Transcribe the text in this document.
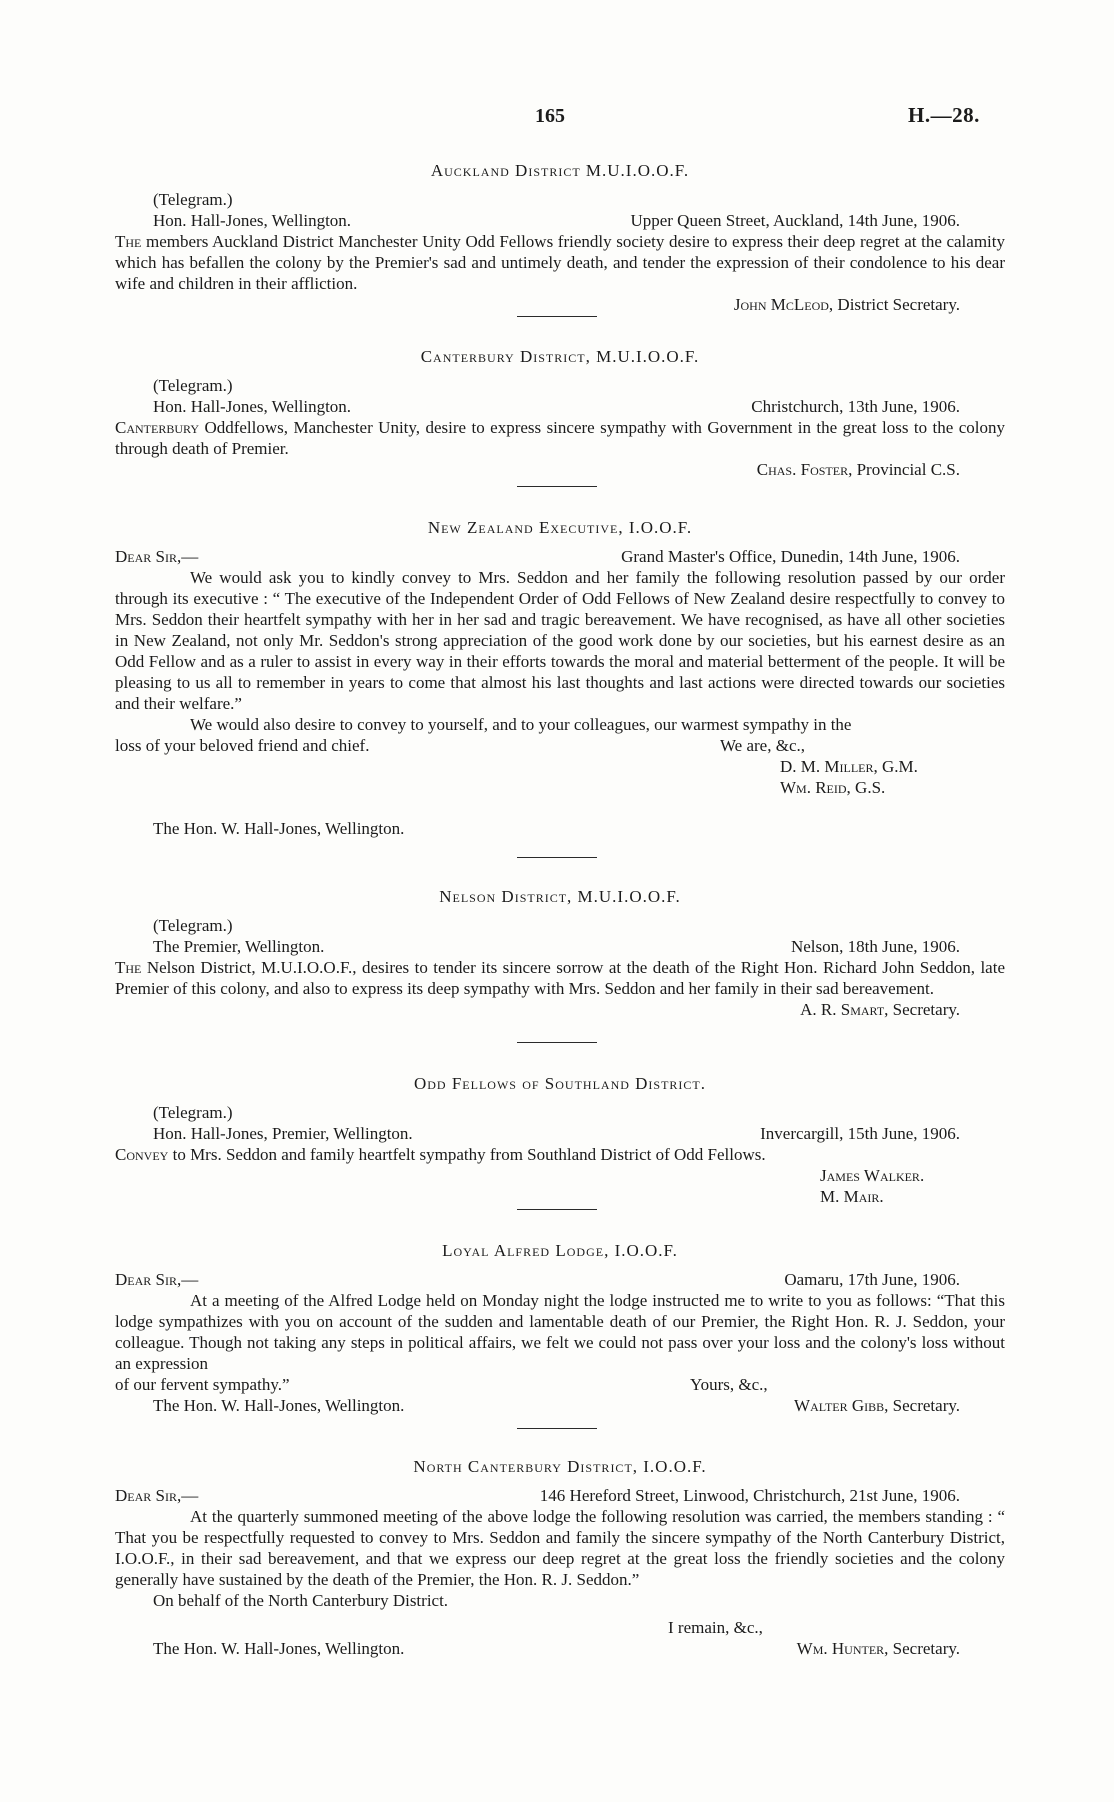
165	H.—28.
Auckland District M.U.I.O.O.F.
(Telegram.)
Hon. Hall-Jones, Wellington.	Upper Queen Street, Auckland, 14th June, 1906.

The members Auckland District Manchester Unity Odd Fellows friendly society desire to express their deep regret at the calamity which has befallen the colony by the Premier's sad and untimely death, and tender the expression of their condolence to his dear wife and children in their affliction.

John McLeod, District Secretary.
Canterbury District, M.U.I.O.O.F.
(Telegram.)
Hon. Hall-Jones, Wellington.	Christchurch, 13th June, 1906.

Canterbury Oddfellows, Manchester Unity, desire to express sincere sympathy with Government in the great loss to the colony through death of Premier.

Chas. Foster, Provincial C.S.
New Zealand Executive, I.O.O.F.
Dear Sir,—	Grand Master's Office, Dunedin, 14th June, 1906.

We would ask you to kindly convey to Mrs. Seddon and her family the following resolution passed by our order through its executive : “ The executive of the Independent Order of Odd Fellows of New Zealand desire respectfully to convey to Mrs. Seddon their heartfelt sympathy with her in her sad and tragic bereavement. We have recognised, as have all other societies in New Zealand, not only Mr. Seddon's strong appreciation of the good work done by our societies, but his earnest desire as an Odd Fellow and as a ruler to assist in every way in their efforts towards the moral and material betterment of the people. It will be pleasing to us all to remember in years to come that almost his last thoughts and last actions were directed towards our societies and their welfare.”

We would also desire to convey to yourself, and to your colleagues, our warmest sympathy in the

loss of your beloved friend and chief.	We are, &c.,
D. M. Miller, G.M.
Wm. Reid, G.S.
The Hon. W. Hall-Jones, Wellington.
Nelson District, M.U.I.O.O.F.
(Telegram.)
The Premier, Wellington.	Nelson, 18th June, 1906.

The Nelson District, M.U.I.O.O.F., desires to tender its sincere sorrow at the death of the Right Hon. Richard John Seddon, late Premier of this colony, and also to express its deep sympathy with Mrs. Seddon and her family in their sad bereavement.

A. R. Smart, Secretary.
Odd Fellows of Southland District.
(Telegram.)
Hon. Hall-Jones, Premier, Wellington.	Invercargill, 15th June, 1906.

Convey to Mrs. Seddon and family heartfelt sympathy from Southland District of Odd Fellows.

James Walker.
M. Mair.
Loyal Alfred Lodge, I.O.O.F.
Dear Sir,—	Oamaru, 17th June, 1906.

At a meeting of the Alfred Lodge held on Monday night the lodge instructed me to write to you as follows: “That this lodge sympathizes with you on account of the sudden and lamentable death of our Premier, the Right Hon. R. J. Seddon, your colleague. Though not taking any steps in political affairs, we felt we could not pass over your loss and the colony's loss without an expression

of our fervent sympathy.”	Yours, &c.,
The Hon. W. Hall-Jones, Wellington.	Walter Gibb, Secretary.
North Canterbury District, I.O.O.F.
Dear Sir,—	146 Hereford Street, Linwood, Christchurch, 21st June, 1906.

At the quarterly summoned meeting of the above lodge the following resolution was carried, the members standing : “ That you be respectfully requested to convey to Mrs. Seddon and family the sincere sympathy of the North Canterbury District, I.O.O.F., in their sad bereavement, and that we express our deep regret at the great loss the friendly societies and the colony generally have sustained by the death of the Premier, the Hon. R. J. Seddon.”

On behalf of the North Canterbury District.

I remain, &c.,
The Hon. W. Hall-Jones, Wellington.	Wm. Hunter, Secretary.
